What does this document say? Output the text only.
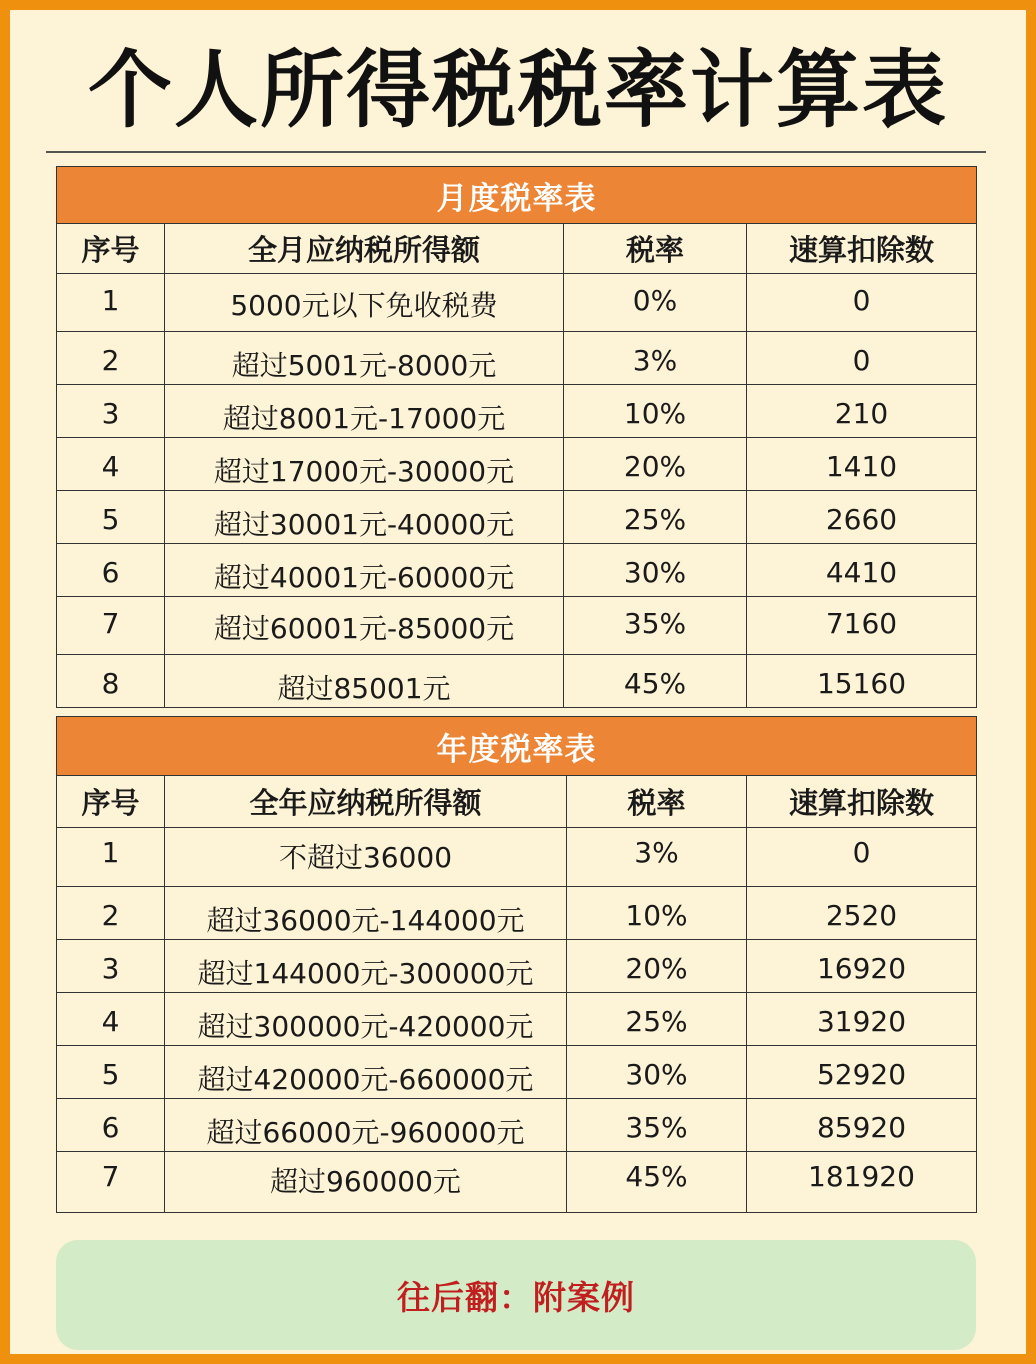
个人所得税税率计算表
月度税率表			
序号	全月应纳税所得额	税率	速算扣除数
1	5000元以下免收税费	0%	0
2	超过5001元-8000元	3%	0
3	超过8001元-17000元	10%	210
4	超过17000元-30000元	20%	1410
5	超过30001元-40000元	25%	2660
6	超过40001元-60000元	30%	4410
7	超过60001元-85000元	35%	7160
8	超过85001元	45%	15160
年度税率表			
序号	全年应纳税所得额	税率	速算扣除数
1	不超过36000	3%	0
2	超过36000元-144000元	10%	2520
3	超过144000元-300000元	20%	16920
4	超过300000元-420000元	25%	31920
5	超过420000元-660000元	30%	52920
6	超过66000元-960000元	35%	85920
7	超过960000元	45%	181920
往后翻：附案例
